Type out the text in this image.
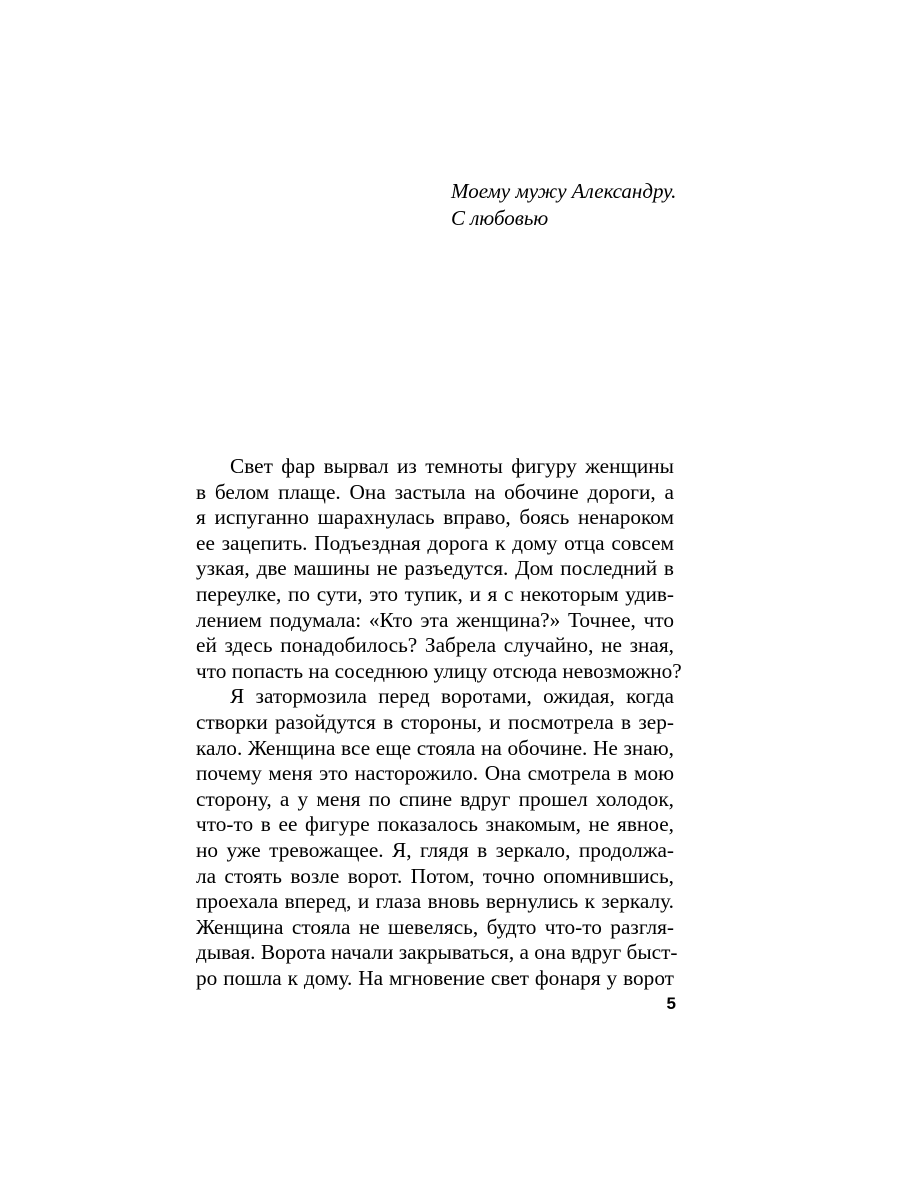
Моему мужу Александру.
С любовью
Свет фар вырвал из темноты фигуру женщины
в белом плаще. Она застыла на обочине дороги, а
я испуганно шарахнулась вправо, боясь ненароком
ее зацепить. Подъездная дорога к дому отца совсем
узкая, две машины не разъедутся. Дом последний в
переулке, по сути, это тупик, и я с некоторым удив-
лением подумала: «Кто эта женщина?» Точнее, что
ей здесь понадобилось? Забрела случайно, не зная,
что попасть на соседнюю улицу отсюда невозможно?
Я затормозила перед воротами, ожидая, когда
створки разойдутся в стороны, и посмотрела в зер-
кало. Женщина все еще стояла на обочине. Не знаю,
почему меня это насторожило. Она смотрела в мою
сторону, а у меня по спине вдруг прошел холодок,
что-то в ее фигуре показалось знакомым, не явное,
но уже тревожащее. Я, глядя в зеркало, продолжа-
ла стоять возле ворот. Потом, точно опомнившись,
проехала вперед, и глаза вновь вернулись к зеркалу.
Женщина стояла не шевелясь, будто что-то разгля-
дывая. Ворота начали закрываться, а она вдруг быст-
ро пошла к дому. На мгновение свет фонаря у ворот
5
